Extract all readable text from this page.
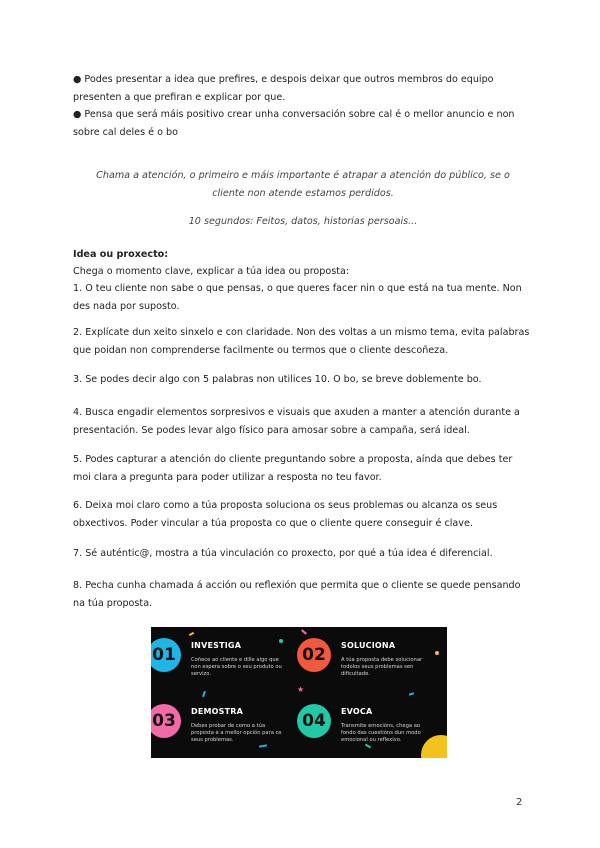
● Podes presentar a idea que prefires, e despois deixar que outros membros do equipo presenten a que prefiran e explicar por que.

● Pensa que será máis positivo crear unha conversación sobre cal é o mellor anuncio e non sobre cal deles é o bo

Chama a atención, o primeiro e máis importante é atrapar a atención do público, se o cliente non atende estamos perdidos.
10 segundos: Feitos, datos, historias persoais...
Idea ou proxecto:
Chega o momento clave, explicar a túa idea ou proposta:
1. O teu cliente non sabe o que pensas, o que queres facer nin o que está na tua mente. Non des nada por suposto.
2. Explícate dun xeito sinxelo e con claridade. Non des voltas a un mismo tema, evita palabras que poidan non comprenderse facilmente ou termos que o cliente descoñeza.
3. Se podes decir algo con 5 palabras non utilices 10. O bo, se breve doblemente bo.
4. Busca engadir elementos sorpresivos e visuais que axuden a manter a atención durante a presentación. Se podes levar algo físico para amosar sobre a campaña, será ideal.
5. Podes capturar a atención do cliente preguntando sobre a proposta, aínda que debes ter moi clara a pregunta para poder utilizar a resposta no teu favor.
6. Deixa moi claro como a túa proposta soluciona os seus problemas ou alcanza os seus obxectivos. Poder vincular a túa proposta co que o cliente quere conseguir é clave.
7. Sé auténtic@, mostra a túa vinculación co proxecto, por qué a túa idea é diferencial.
8. Pecha cunha chamada á acción ou reflexión que permita que o cliente se quede pensando na túa proposta.
★
01	INVESTIGA
Coñece ao cliente e dille algo que non espera sobre o seu produto ou servizo.
02	SOLUCIONA
A túa proposta debe solucionar todolos seus problemas sen dificultade.
03	DEMOSTRA
Debes probar de como a túa proposta é a mellor opción para os seus problemas.
04	EVOCA
Transmite emocións, chega ao fondo das cuestións dun modo emocional ou reflexivo.
2
